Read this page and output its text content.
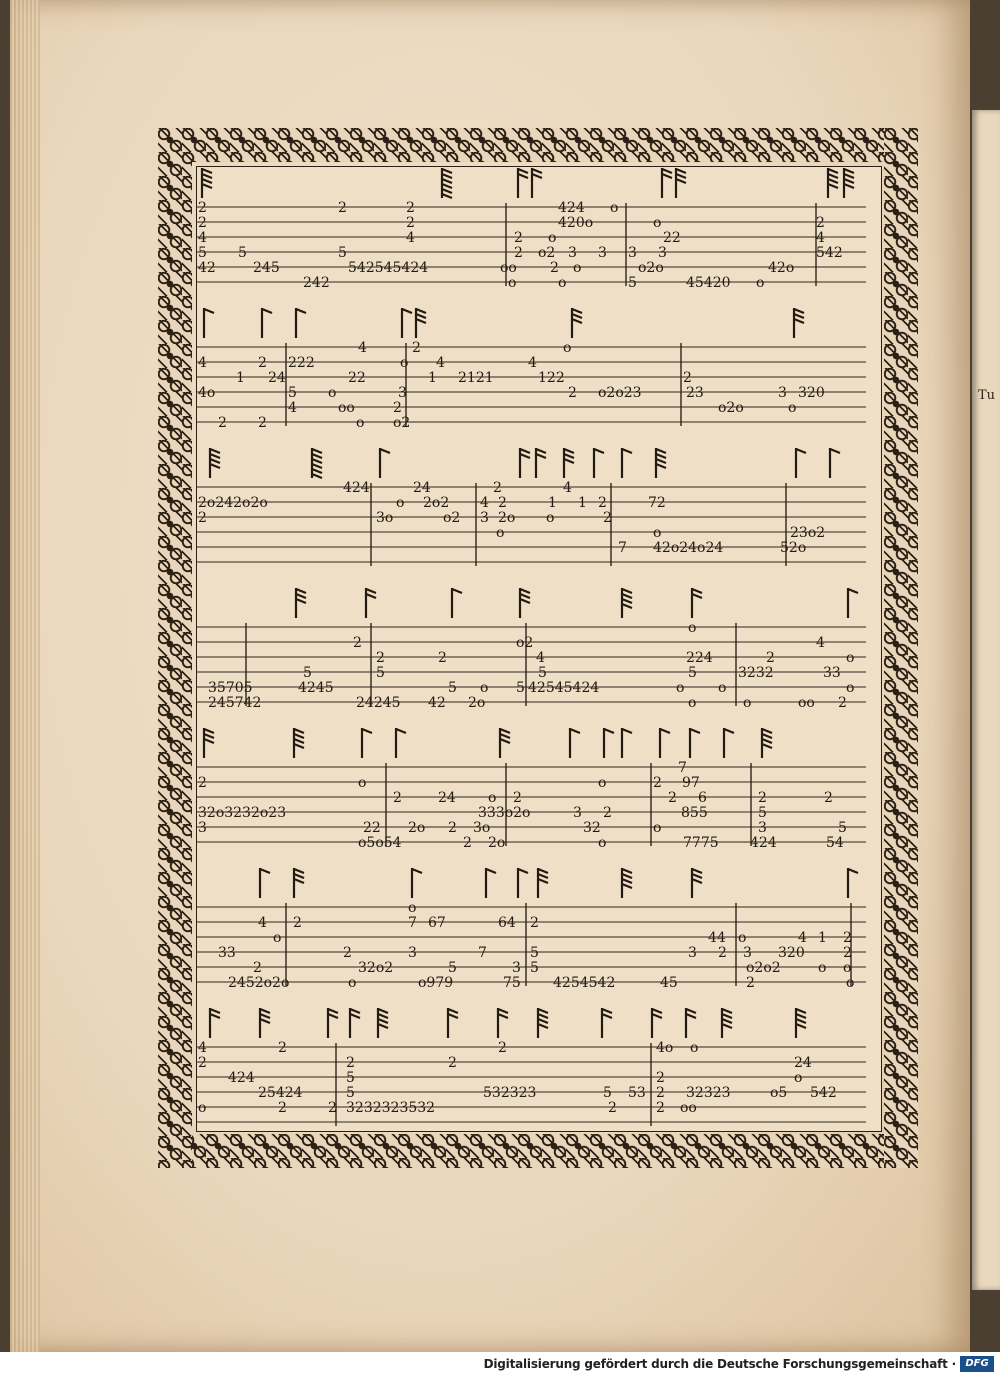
Tu
2	2	2	424 o
2	2	420o	o	2
4	4	2 o	22	4
5 5	5	2 o2 3 3 3 3	542
42	245	542545424	oo 2 o	o2o	42o
242	o	o	5	45420 o
4	2	o
4	2 222	o 4	4
1 24	22	1 2121	122	2
4o	5 o	3	2 o2o23	23	3 320
4	oo	2	o2o	o
2 2	o o2
424	24	2	4
2o242o2o	o 2o2 4 2	1 1 2	72
2	3o	o2 3 2o o	2
o	o	23o2
7 42o24o24	52o
o
2	o2	4
2	2	4	224	2	o
5	5	5	5	3232	33
35705	4245	5 o 5 42545424	o o	o
245742	24245 42 2o	o	o	oo 2
7
2	o	o	2 97
2	24 o 2	2 6	2	2
32o3232o23	333o2o	3 2	855	5
3	22 2o 2 3o	32	o	3	5
o5o54	2 2o	o	7775 424	54
o
4 2	7 67	64 2
o	44 o	4 1 2
33	2	3	7	5	3 2 3 320	2
2	32o2	5	3 5	o2o2	o o
2452o2o	o	o979	75 4254542	45	2	o
4	2	2	4o o
2	2	2	24
424	5	2	o
25424	5	532323	5 53 2 32323	o5 542
o	2	2 3232323532	2	2 oo
Digitalisierung gefördert durch die Deutsche Forschungsgemeinschaft · DFG
